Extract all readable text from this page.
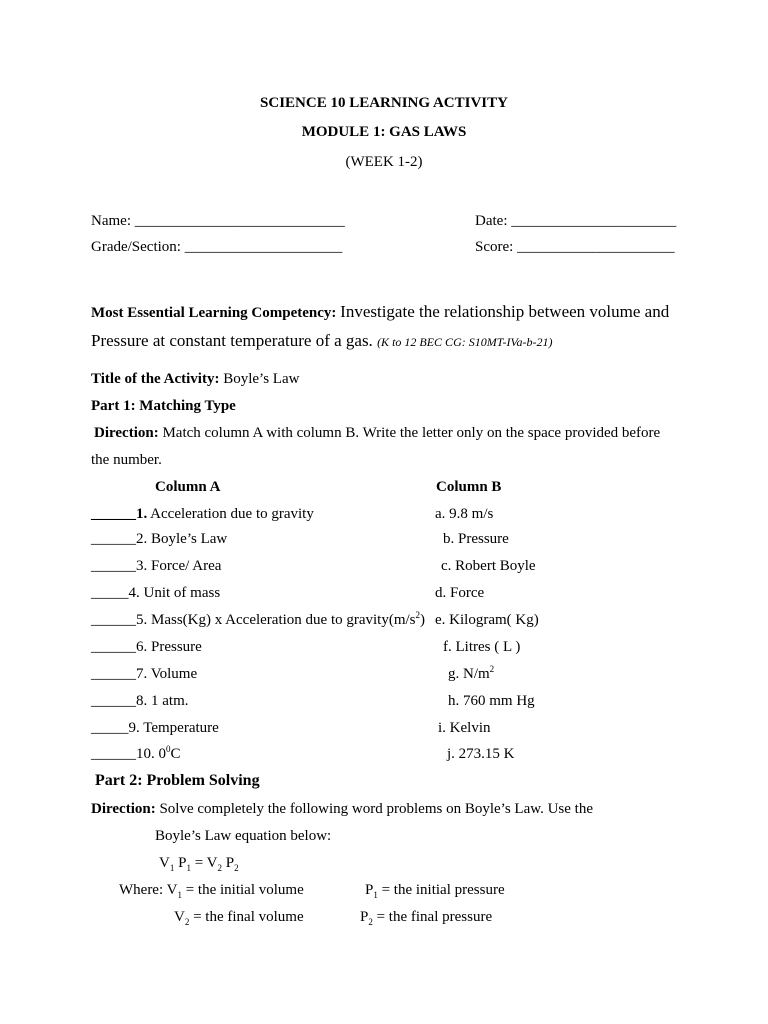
SCIENCE 10 LEARNING ACTIVITY
MODULE 1: GAS LAWS
(WEEK 1-2)
Name: ____________________________	Date: ______________________
Grade/Section: _____________________	Score: _____________________
Most Essential Learning Competency: Investigate the relationship between volume and
Pressure at constant temperature of a gas. (K to 12 BEC CG: S10MT-IVa-b-21)
Title of the Activity: Boyle’s Law
Part 1: Matching Type
Direction: Match column A with column B. Write the letter only on the space provided before
the number.
Column A	Column B
______1. Acceleration due to gravity	a. 9.8 m/s
______2. Boyle’s Law	b. Pressure
______3. Force/ Area	c. Robert Boyle
_____4. Unit of mass	d. Force
______5. Mass(Kg) x Acceleration due to $gravity(m/s^2)$ e. Kilogram( Kg)
______6. Pressure	f. Litres ( L )
______7. Volume	g. $N/m^2$
______8. 1 atm.	h. 760 mm Hg
_____9. Temperature	i. Kelvin
______10. $0^0C$	j. 273.15 K
Part 2: Problem Solving
Direction: Solve completely the following word problems on Boyle’s Law. Use the
Boyle’s Law equation below:
$V_1$ $P_1 = V_2$ $P_2$
Where: $V_1$ = the initial volume	$P_1$ = the initial pressure
$V_2$ = the final volume	$P_2$ = the final pressure
